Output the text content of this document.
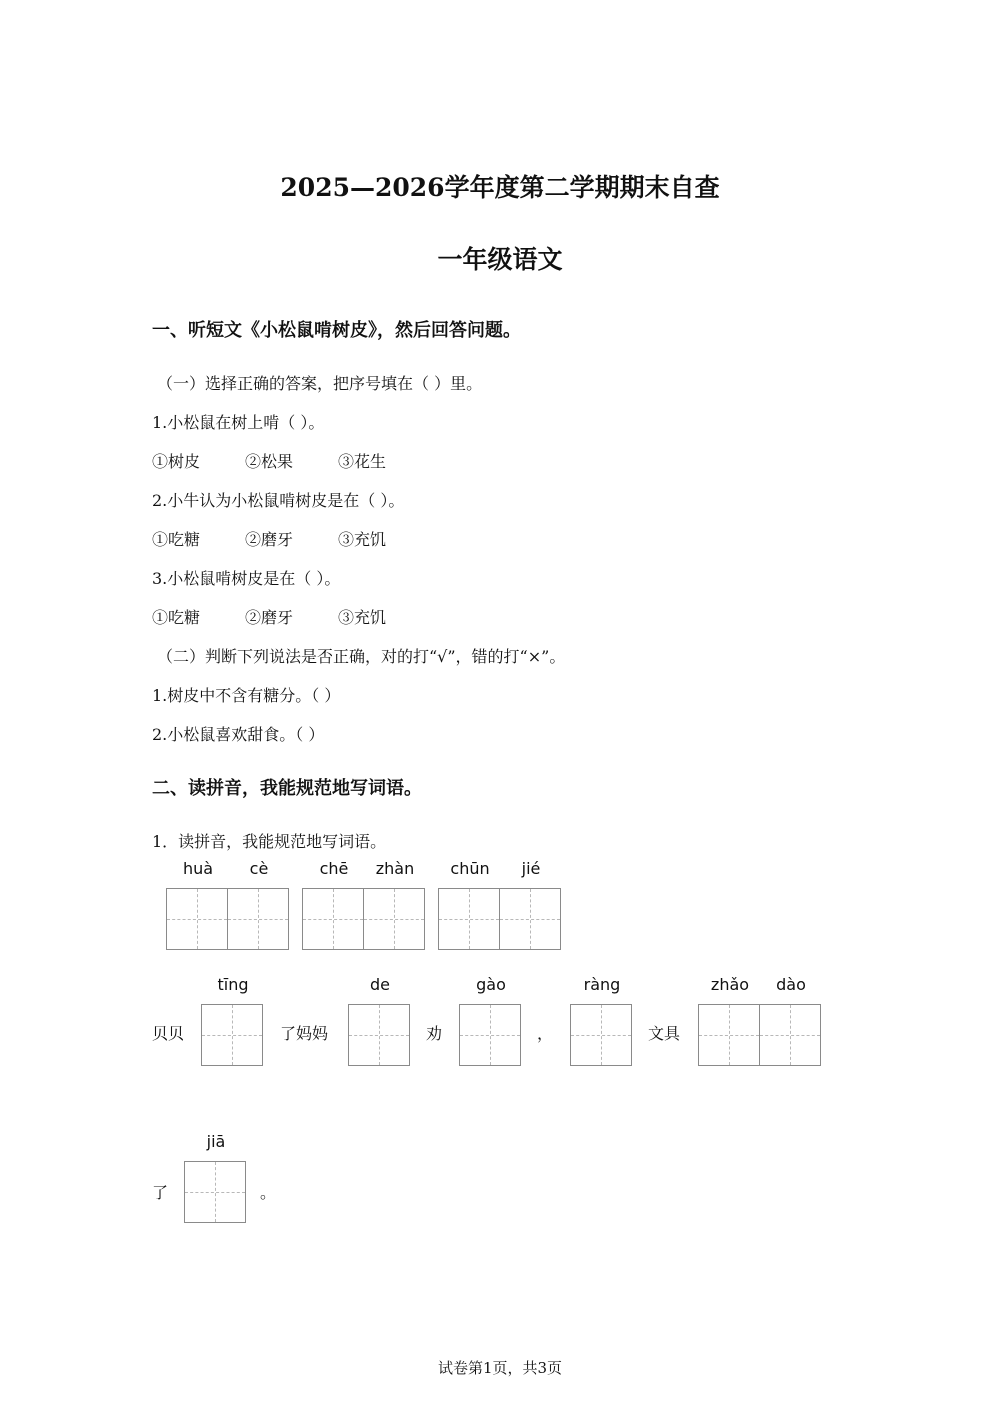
2025—2026学年度第二学期期末自查
一年级语文
一、听短文《小松鼠啃树皮》，然后回答问题。
（一）选择正确的答案，把序号填在（ ）里。
1.小松鼠在树上啃（ ）。
①树皮	②松果	③花生
2.小牛认为小松鼠啃树皮是在（ ）。
①吃糖	②磨牙	③充饥
3.小松鼠啃树皮是在（ ）。
①吃糖	②磨牙	③充饥
（二）判断下列说法是否正确，对的打“√”，错的打“×”。
1.树皮中不含有糖分。（ ）
2.小松鼠喜欢甜食。（ ）
二、读拼音，我能规范地写词语。
1．读拼音，我能规范地写词语。
huà	cè	chē	zhàn	chūn	jié
贝贝
tīng
了妈妈
de
劝
gào
，
ràng
文具
zhǎo	dào
了
jiā
。
试卷第1页，共3页
